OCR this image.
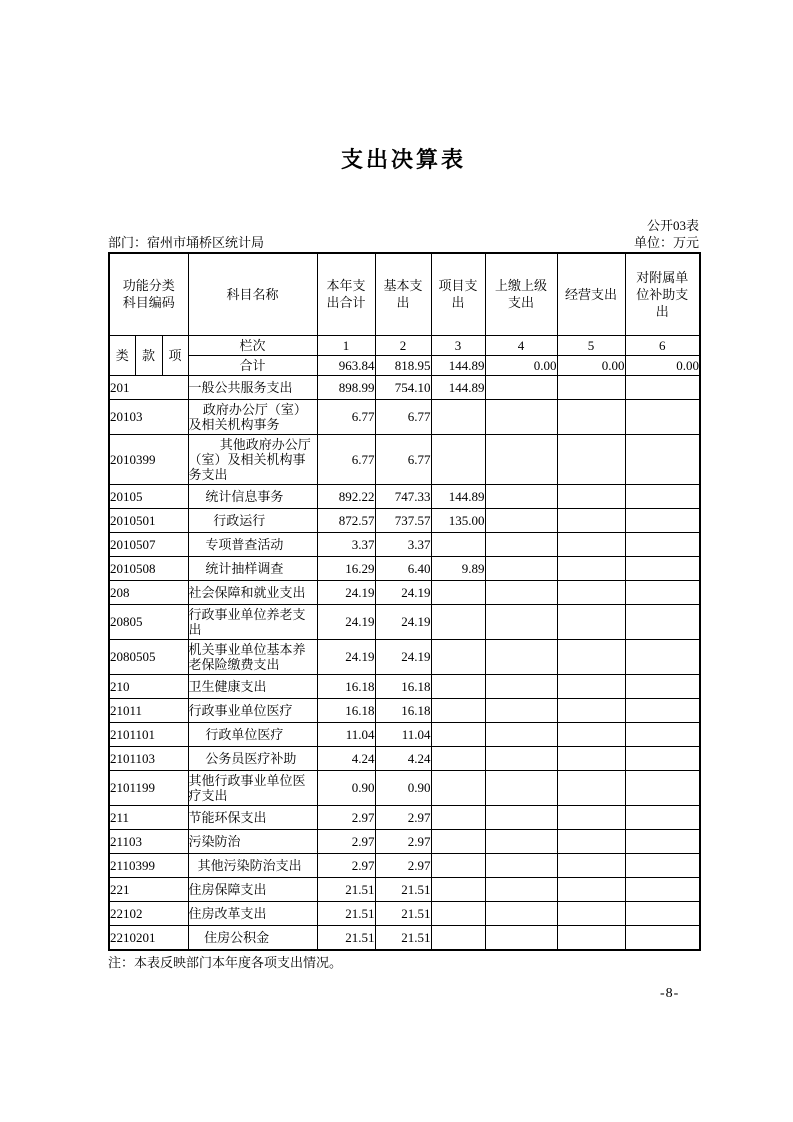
支出决算表
公开03表
部门：宿州市埇桥区统计局	单位：万元
功能分类科目编码			科目名称	本年支出合计	基本支出	项目支出	上缴上级支出	经营支出	对附属单位补助支出
类	款	项	栏次	1	2	3	4	5	6
			合计	963.84	818.95	144.89	0.00	0.00	0.00
201			一般公共服务支出	898.99	754.10	144.89			
20103			政府办公厅（室）及相关机构事务	6.77	6.77				
2010399			其他政府办公厅（室）及相关机构事务支出	6.77	6.77				
20105			统计信息事务	892.22	747.33	144.89			
2010501			行政运行	872.57	737.57	135.00			
2010507			专项普查活动	3.37	3.37				
2010508			统计抽样调查	16.29	6.40	9.89			
208			社会保障和就业支出	24.19	24.19				
20805			行政事业单位养老支出	24.19	24.19				
2080505			机关事业单位基本养老保险缴费支出	24.19	24.19				
210			卫生健康支出	16.18	16.18				
21011			行政事业单位医疗	16.18	16.18				
2101101			行政单位医疗	11.04	11.04				
2101103			公务员医疗补助	4.24	4.24				
2101199			其他行政事业单位医疗支出	0.90	0.90				
211			节能环保支出	2.97	2.97				
21103			污染防治	2.97	2.97				
2110399			其他污染防治支出	2.97	2.97				
221			住房保障支出	21.51	21.51				
22102			住房改革支出	21.51	21.51				
2210201			住房公积金	21.51	21.51				
注：本表反映部门本年度各项支出情况。
-8-
